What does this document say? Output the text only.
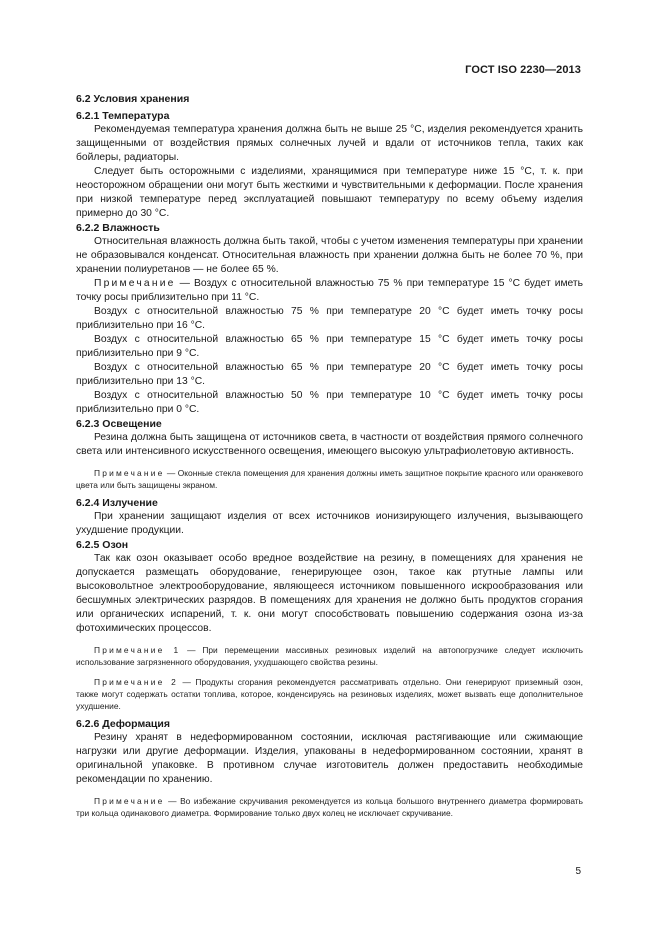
ГОСТ ISO 2230—2013
6.2 Условия хранения
6.2.1 Температура

Рекомендуемая температура хранения должна быть не выше 25 °С, изделия рекомендуется хранить защищенными от воздействия прямых солнечных лучей и вдали от источников тепла, таких как бойлеры, радиаторы.

Следует быть осторожными с изделиями, хранящимися при температуре ниже 15 °С, т. к. при неосторожном обращении они могут быть жесткими и чувствительными к деформации. После хранения при низкой температуре перед эксплуатацией повышают температуру по всему объему изделия примерно до 30 °С.

6.2.2 Влажность

Относительная влажность должна быть такой, чтобы с учетом изменения температуры при хранении не образовывался конденсат. Относительная влажность при хранении должна быть не более 70 %, при хранении полиуретанов — не более 65 %.

Примечание — Воздух с относительной влажностью 75 % при температуре 15 °С будет иметь точку росы приблизительно при 11 °С.

Воздух с относительной влажностью 75 % при температуре 20 °С будет иметь точку росы приблизительно при 16 °С.

Воздух с относительной влажностью 65 % при температуре 15 °С будет иметь точку росы приблизительно при 9 °С.

Воздух с относительной влажностью 65 % при температуре 20 °С будет иметь точку росы приблизительно при 13 °С.

Воздух с относительной влажностью 50 % при температуре 10 °С будет иметь точку росы приблизительно при 0 °С.

6.2.3 Освещение

Резина должна быть защищена от источников света, в частности от воздействия прямого солнечного света или интенсивного искусственного освещения, имеющего высокую ультрафиолетовую активность.

Примечание — Оконные стекла помещения для хранения должны иметь защитное покрытие красного или оранжевого цвета или быть защищены экраном.
6.2.4 Излучение

При хранении защищают изделия от всех источников ионизирующего излучения, вызывающего ухудшение продукции.

6.2.5 Озон

Так как озон оказывает особо вредное воздействие на резину, в помещениях для хранения не допускается размещать оборудование, генерирующее озон, такое как ртутные лампы или высоковольтное электрооборудование, являющееся источником повышенного искрообразования или бесшумных электрических разрядов. В помещениях для хранения не должно быть продуктов сгорания или органических испарений, т. к. они могут способствовать повышению содержания озона из-за фотохимических процессов.

Примечание 1 — При перемещении массивных резиновых изделий на автопогрузчике следует исключить использование загрязненного оборудования, ухудшающего свойства резины.
Примечание 2 — Продукты сгорания рекомендуется рассматривать отдельно. Они генерируют приземный озон, также могут содержать остатки топлива, которое, конденсируясь на резиновых изделиях, может вызвать еще дополнительное ухудшение.
6.2.6 Деформация

Резину хранят в недеформированном состоянии, исключая растягивающие или сжимающие нагрузки или другие деформации. Изделия, упакованы в недеформированном состоянии, хранят в оригинальной упаковке. В противном случае изготовитель должен предоставить необходимые рекомендации по хранению.

Примечание — Во избежание скручивания рекомендуется из кольца большого внутреннего диаметра формировать три кольца одинакового диаметра. Формирование только двух колец не исключает скручивание.
5
